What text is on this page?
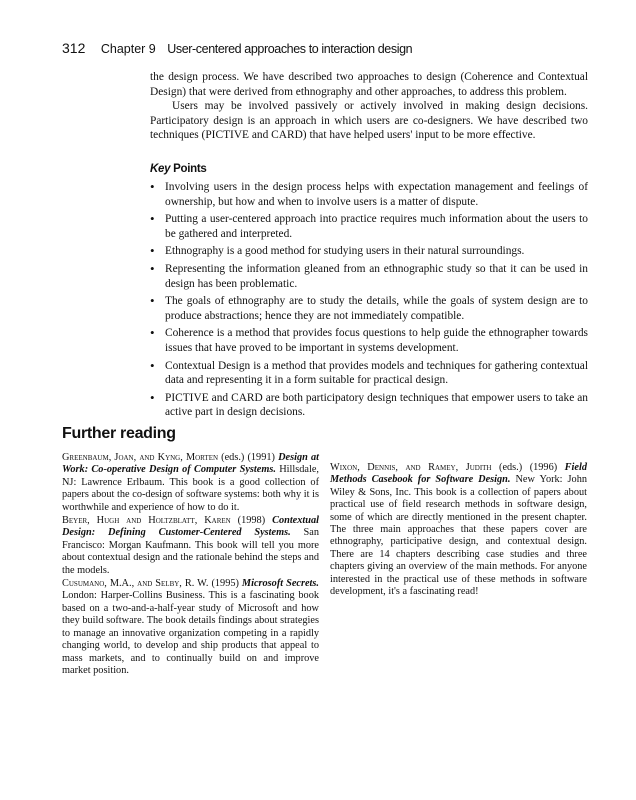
312 Chapter 9 User-centered approaches to interaction design

the design process. We have described two approaches to design (Coherence and Contextual Design) that were derived from ethnography and other approaches, to address this problem.

Users may be involved passively or actively involved in making design decisions. Participatory design is an approach in which users are co-designers. We have described two techniques (PICTIVE and CARD) that have helped users' input to be more effective.

Key Points
• Involving users in the design process helps with expectation management and feelings of ownership, but how and when to involve users is a matter of dispute.
• Putting a user-centered approach into practice requires much information about the users to be gathered and interpreted.
• Ethnography is a good method for studying users in their natural surroundings.
• Representing the information gleaned from an ethnographic study so that it can be used in design has been problematic.
• The goals of ethnography are to study the details, while the goals of system design are to produce abstractions; hence they are not immediately compatible.
• Coherence is a method that provides focus questions to help guide the ethnographer towards issues that have proved to be important in systems development.
• Contextual Design is a method that provides models and techniques for gathering contextual data and representing it in a form suitable for practical design.
• PICTIVE and CARD are both participatory design techniques that empower users to take an active part in design decisions.
Further reading

Greenbaum, Joan, and Kyng, Morten (eds.) (1991) Design at Work: Co-operative Design of Computer Systems. Hillsdale, NJ: Lawrence Erlbaum. This book is a good collection of papers about the co-design of software systems: both why it is worthwhile and experience of how to do it.

Beyer, Hugh and Holtzblatt, Karen (1998) Contextual Design: Defining Customer-Centered Systems. San Francisco: Morgan Kaufmann. This book will tell you more about contextual design and the rationale behind the steps and the models.

Cusumano, M.A., and Selby, R. W. (1995) Microsoft Secrets. London: Harper-Collins Business. This is a fascinating book based on a two-and-a-half-year study of Microsoft and how they build software. The book details findings about strategies to manage an innovative organization competing in a rapidly changing world, to develop and ship products that appeal to mass markets, and to continually build on and improve market position.

Wixon, Dennis, and Ramey, Judith (eds.) (1996) Field Methods Casebook for Software Design. New York: John Wiley & Sons, Inc. This book is a collection of papers about practical use of field research methods in software design, some of which are directly mentioned in the present chapter. The three main approaches that these papers cover are ethnography, participative design, and contextual design. There are 14 chapters describing case studies and three chapters giving an overview of the main methods. For anyone interested in the practical use of these methods in software development, it's a fascinating read!
